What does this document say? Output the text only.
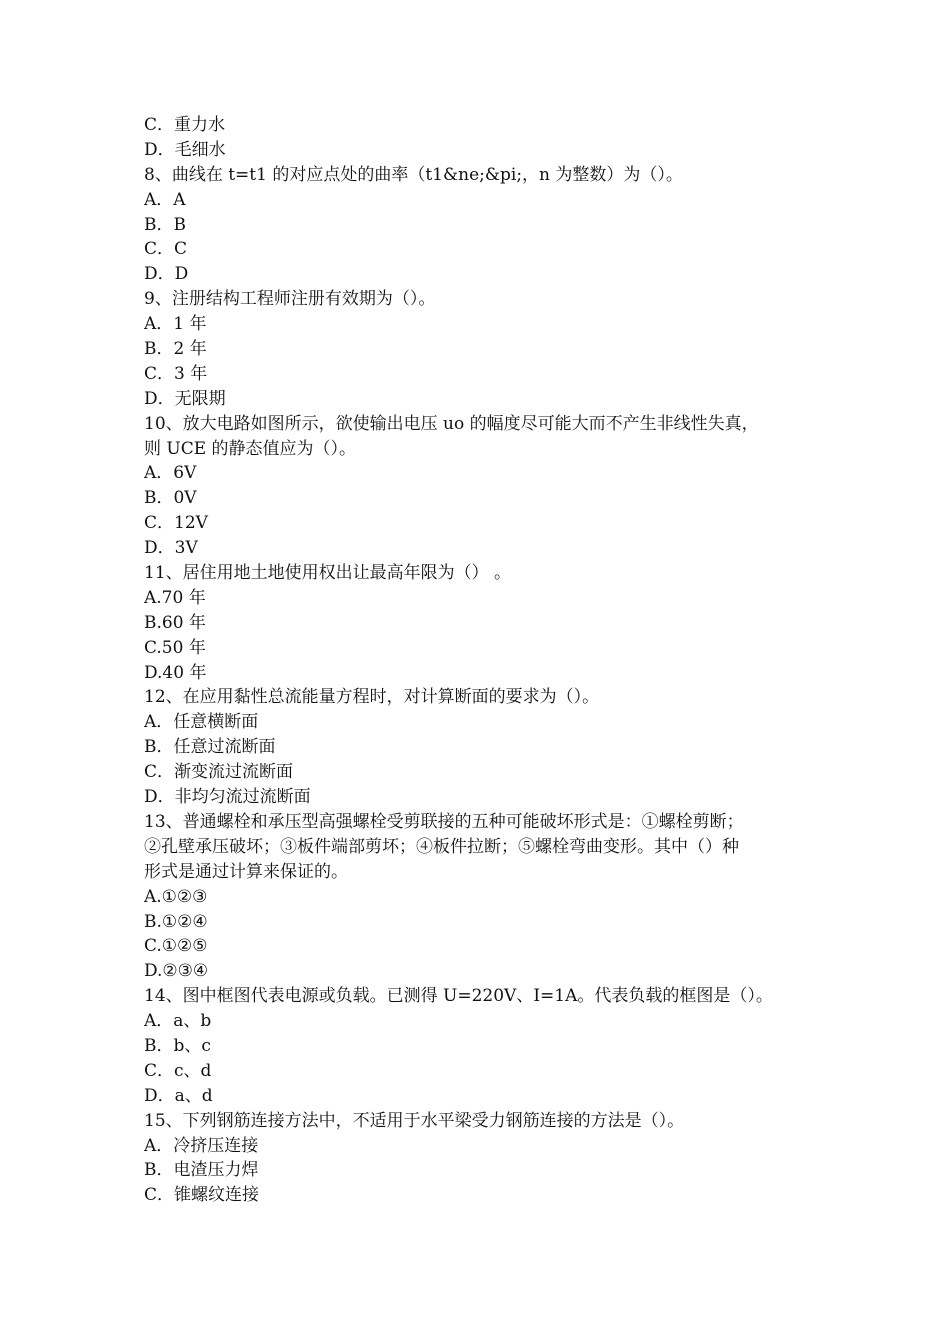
C．重力水
D．毛细水
8、曲线在 t=t1 的对应点处的曲率（t1&ne;&pi;，n 为整数）为（）。
A．A
B．B
C．C
D．D
9、注册结构工程师注册有效期为（）。
A．1 年
B．2 年
C．3 年
D．无限期
10、放大电路如图所示，欲使输出电压 uo 的幅度尽可能大而不产生非线性失真，
则 UCE 的静态值应为（）。
A．6V
B．0V
C．12V
D．3V
11、居住用地土地使用权出让最高年限为（） 。
A.70 年
B.60 年
C.50 年
D.40 年
12、在应用黏性总流能量方程时，对计算断面的要求为（）。
A．任意横断面
B．任意过流断面
C．渐变流过流断面
D．非均匀流过流断面
13、普通螺栓和承压型高强螺栓受剪联接的五种可能破坏形式是：①螺栓剪断；
②孔壁承压破坏；③板件端部剪坏；④板件拉断；⑤螺栓弯曲变形。其中（）种
形式是通过计算来保证的。
A.①②③
B.①②④
C.①②⑤
D.②③④
14、图中框图代表电源或负载。已测得 U=220V、I=1A。代表负载的框图是（）。
A．a、b
B．b、c
C．c、d
D．a、d
15、下列钢筋连接方法中，不适用于水平梁受力钢筋连接的方法是（）。
A．冷挤压连接
B．电渣压力焊
C．锥螺纹连接
